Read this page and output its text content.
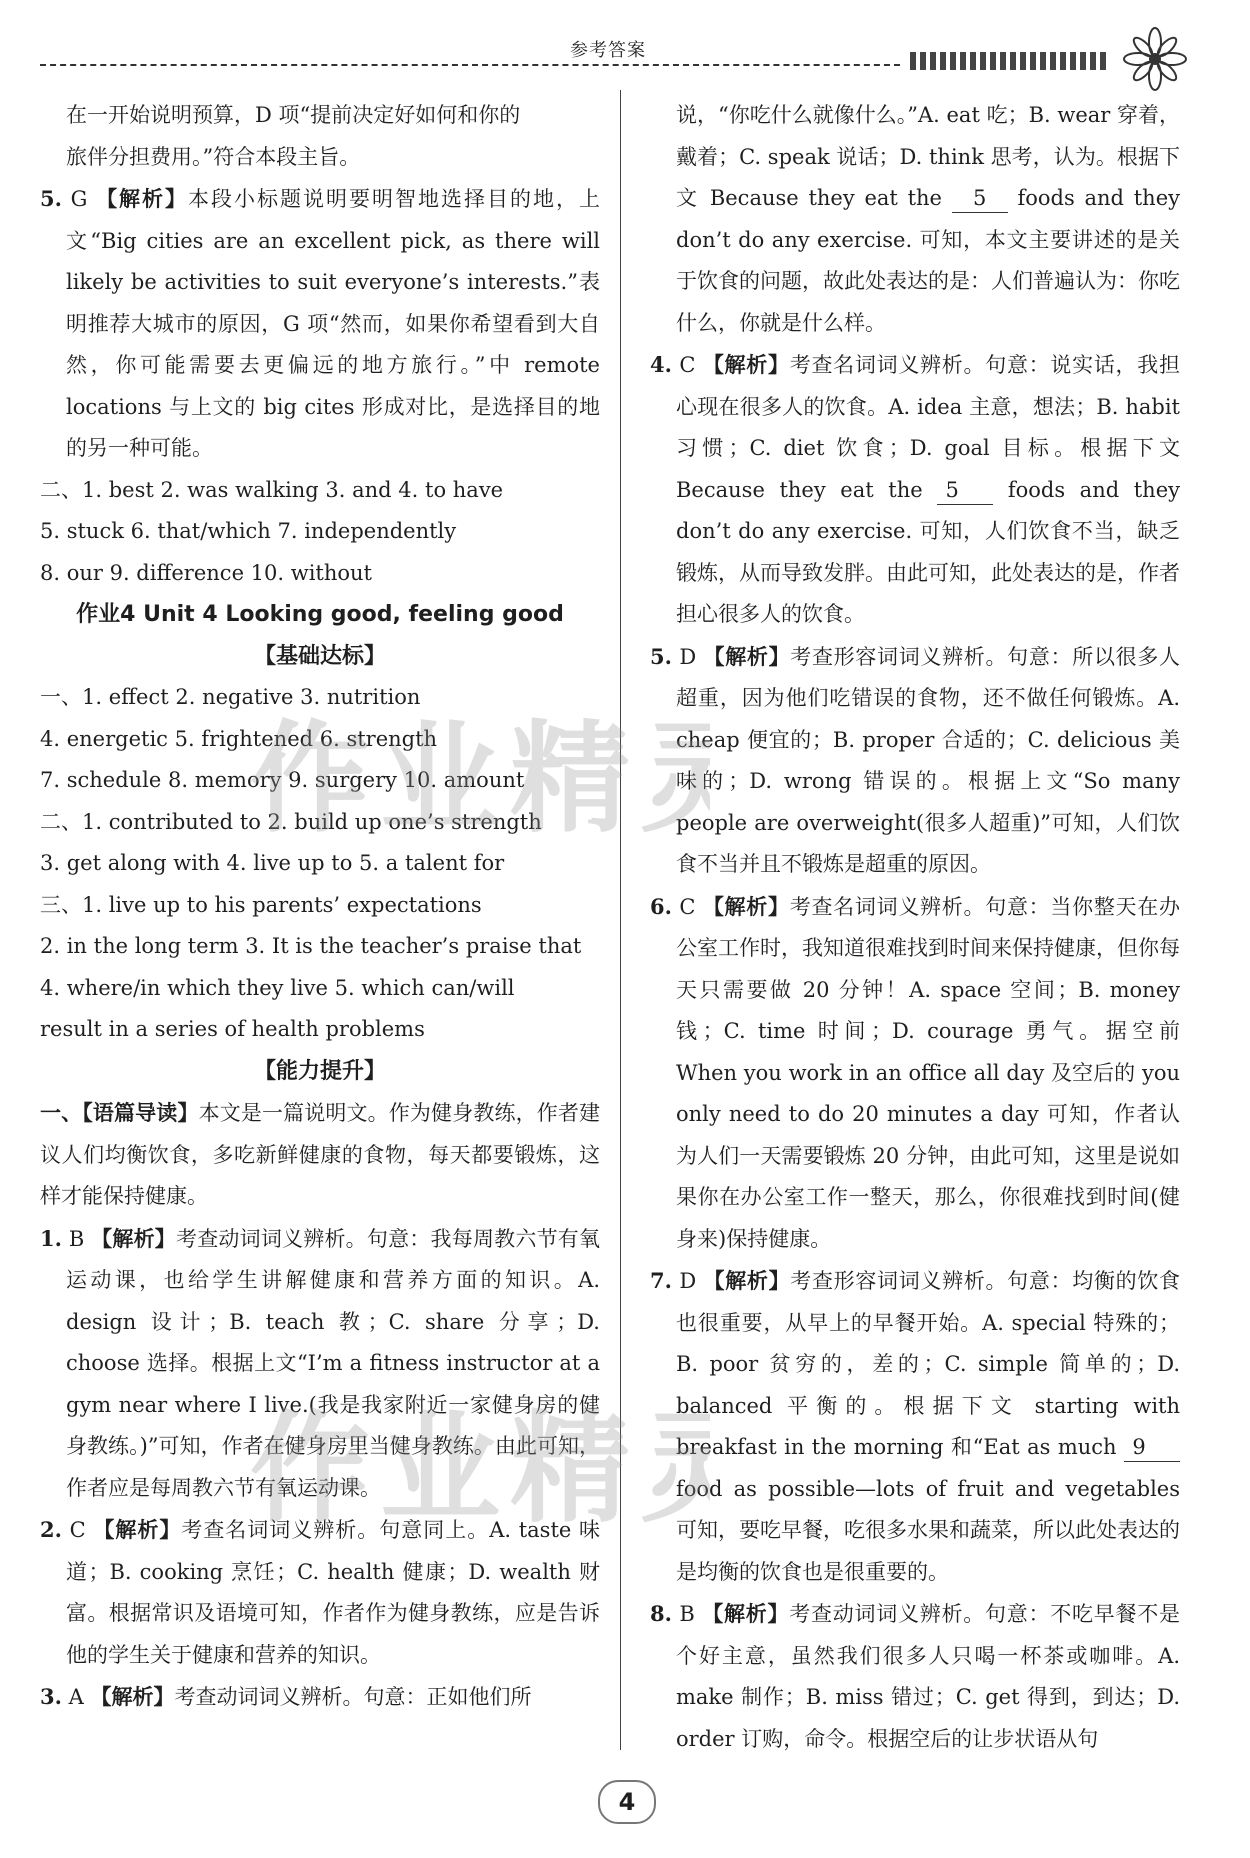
参考答案

在一开始说明预算，D 项“提前决定好如何和你的

旅伴分担费用。”符合本段主旨。

5. G 【解析】本段小标题说明要明智地选择目的地，上文“Big cities are an excellent pick, as there will likely be activities to suit everyone’s interests.”表明推荐大城市的原因，G 项“然而，如果你希望看到大自然，你可能需要去更偏远的地方旅行。”中 remote locations 与上文的 big cites 形成对比，是选择目的地的另一种可能。

二、1. best 2. was walking 3. and 4. to have

5. stuck 6. that/which 7. independently

8. our 9. difference 10. without

作业4 Unit 4 Looking good, feeling good

【基础达标】

一、1. effect 2. negative 3. nutrition

4. energetic 5. frightened 6. strength

7. schedule 8. memory 9. surgery 10. amount

二、1. contributed to 2. build up one’s strength

3. get along with 4. live up to 5. a talent for

三、1. live up to his parents’ expectations

2. in the long term 3. It is the teacher’s praise that

4. where/in which they live 5. which can/will

result in a series of health problems

【能力提升】

一、【语篇导读】本文是一篇说明文。作为健身教练，作者建议人们均衡饮食，多吃新鲜健康的食物，每天都要锻炼，这样才能保持健康。

1. B 【解析】考查动词词义辨析。句意：我每周教六节有氧运动课，也给学生讲解健康和营养方面的知识。A. design 设计；B. teach 教；C. share 分享；D. choose 选择。根据上文“I’m a fitness instructor at a gym near where I live.(我是我家附近一家健身房的健身教练。)”可知，作者在健身房里当健身教练。由此可知，作者应是每周教六节有氧运动课。

2. C 【解析】考查名词词义辨析。句意同上。A. taste 味道；B. cooking 烹饪；C. health 健康；D. wealth 财富。根据常识及语境可知，作者作为健身教练，应是告诉他的学生关于健康和营养的知识。

3. A 【解析】考查动词词义辨析。句意：正如他们所

说，“你吃什么就像什么。”A. eat 吃；B. wear 穿着，戴着；C. speak 说话；D. think 思考，认为。根据下文 Because they eat the 5 foods and they don’t do any exercise. 可知，本文主要讲述的是关于饮食的问题，故此处表达的是：人们普遍认为：你吃什么，你就是什么样。

4. C 【解析】考查名词词义辨析。句意：说实话，我担心现在很多人的饮食。A. idea 主意，想法；B. habit 习惯；C. diet 饮食；D. goal 目标。根据下文 Because they eat the 5 foods and they don’t do any exercise. 可知，人们饮食不当，缺乏锻炼，从而导致发胖。由此可知，此处表达的是，作者担心很多人的饮食。

5. D 【解析】考查形容词词义辨析。句意：所以很多人超重，因为他们吃错误的食物，还不做任何锻炼。A. cheap 便宜的；B. proper 合适的；C. delicious 美味的；D. wrong 错误的。根据上文“So many people are overweight(很多人超重)”可知，人们饮食不当并且不锻炼是超重的原因。

6. C 【解析】考查名词词义辨析。句意：当你整天在办公室工作时，我知道很难找到时间来保持健康，但你每天只需要做 20 分钟！A. space 空间；B. money 钱；C. time 时间；D. courage 勇气。据空前 When you work in an office all day 及空后的 you only need to do 20 minutes a day 可知，作者认为人们一天需要锻炼 20 分钟，由此可知，这里是说如果你在办公室工作一整天，那么，你很难找到时间(健身来)保持健康。

7. D 【解析】考查形容词词义辨析。句意：均衡的饮食也很重要，从早上的早餐开始。A. special 特殊的；B. poor 贫穷的，差的；C. simple 简单的；D. balanced 平衡的。根据下文 starting with breakfast in the morning 和“Eat as much 9 food as possible—lots of fruit and vegetables 可知，要吃早餐，吃很多水果和蔬菜，所以此处表达的是均衡的饮食也是很重要的。

8. B 【解析】考查动词词义辨析。句意：不吃早餐不是个好主意，虽然我们很多人只喝一杯茶或咖啡。A. make 制作；B. miss 错过；C. get 得到，到达；D. order 订购，命令。根据空后的让步状语从句

作业精
作业精
4
